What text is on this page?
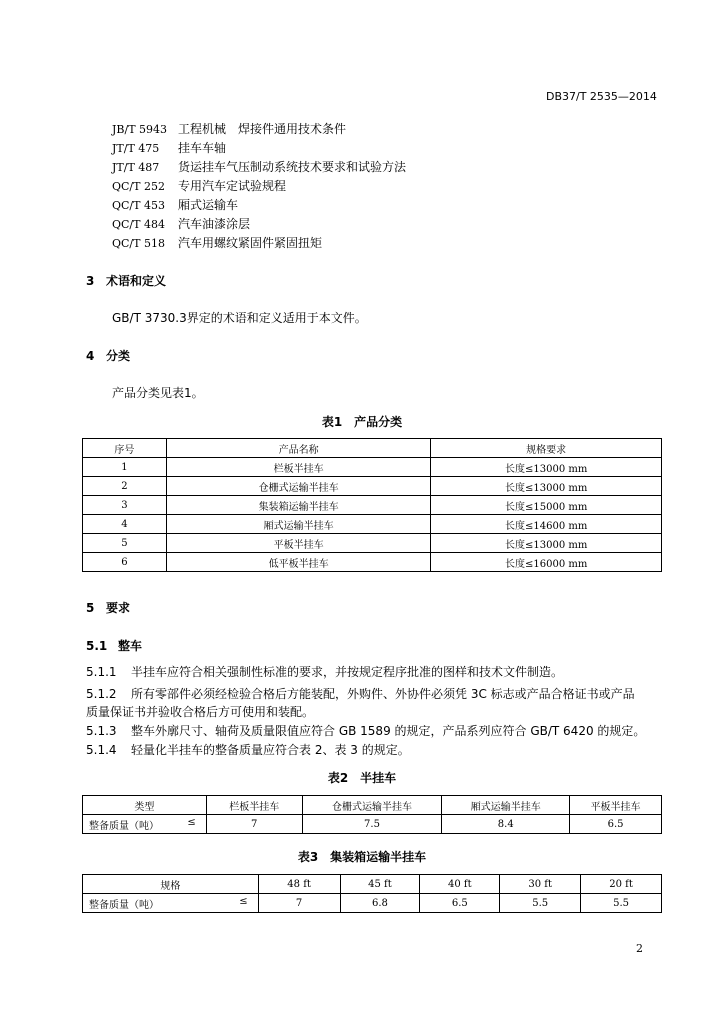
DB37/T 2535—2014
JB/T 5943 工程机械　焊接件通用技术条件
JT/T 475 挂车车轴
JT/T 487 货运挂车气压制动系统技术要求和试验方法
QC/T 252 专用汽车定试验规程
QC/T 453 厢式运输车
QC/T 484 汽车油漆涂层
QC/T 518 汽车用螺纹紧固件紧固扭矩
3 术语和定义
GB/T 3730.3界定的术语和定义适用于本文件。
4 分类
产品分类见表1。
表1　产品分类
序号	产品名称	规格要求
1	栏板半挂车	长度≤13000 mm
2	仓栅式运输半挂车	长度≤13000 mm
3	集装箱运输半挂车	长度≤15000 mm
4	厢式运输半挂车	长度≤14600 mm
5	平板半挂车	长度≤13000 mm
6	低平板半挂车	长度≤16000 mm
5 要求
5.1 整车
5.1.1 半挂车应符合相关强制性标准的要求，并按规定程序批准的图样和技术文件制造。
5.1.2 所有零部件必须经检验合格后方能装配，外购件、外协件必须凭 3C 标志或产品合格证书或产品
质量保证书并验收合格后方可使用和装配。
5.1.3 整车外廓尺寸、轴荷及质量限值应符合 GB 1589 的规定，产品系列应符合 GB/T 6420 的规定。
5.1.4 轻量化半挂车的整备质量应符合表 2、表 3 的规定。
表2　半挂车
类型	栏板半挂车	仓栅式运输半挂车	厢式运输半挂车	平板半挂车
整备质量（吨） ≤	7	7.5	8.4	6.5
表3　集装箱运输半挂车
规格	48 ft	45 ft	40 ft	30 ft	20 ft
整备质量（吨） ≤	7	6.8	6.5	5.5	5.5
2
